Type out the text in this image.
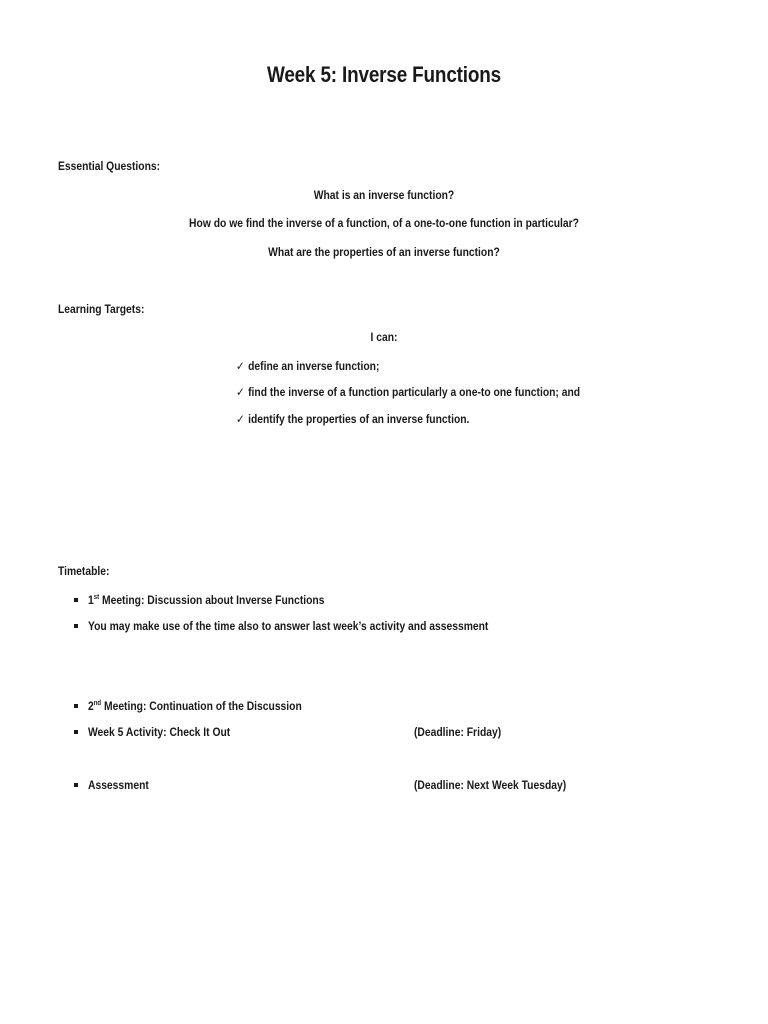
Week 5: Inverse Functions
Essential Questions:
What is an inverse function?
How do we find the inverse of a function, of a one-to-one function in particular?
What are the properties of an inverse function?
Learning Targets:
I can:
✓ define an inverse function;
✓ find the inverse of a function particularly a one-to one function; and
✓ identify the properties of an inverse function.
Timetable:
1st Meeting: Discussion about Inverse Functions
You may make use of the time also to answer last week’s activity and assessment
2nd Meeting: Continuation of the Discussion
Week 5 Activity: Check It Out	(Deadline: Friday)
Assessment	(Deadline: Next Week Tuesday)
